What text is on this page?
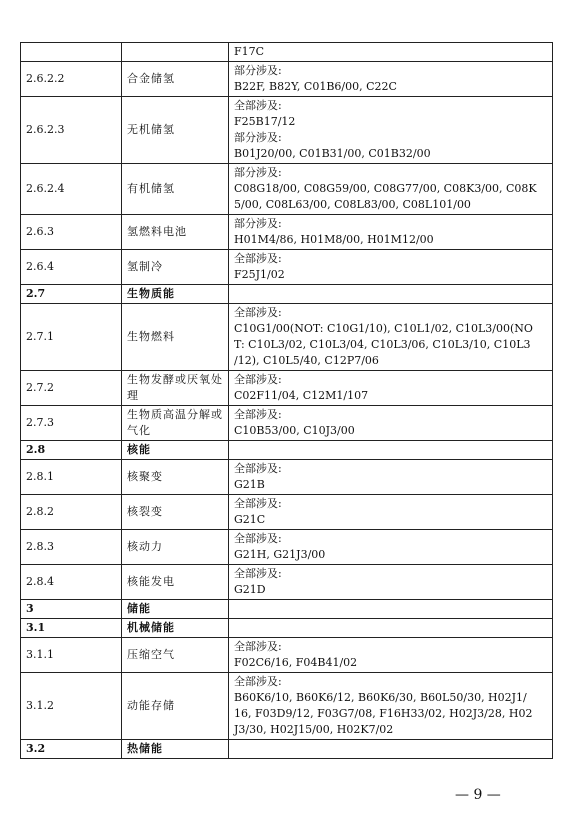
		F17C

2.6.2.2	合金储氢	部分涉及:
B22F, B82Y, C01B6/00, C22C

2.6.2.3	无机储氢	全部涉及:
F25B17/12
部分涉及:
B01J20/00, C01B31/00, C01B32/00

2.6.2.4	有机储氢	部分涉及:
C08G18/00, C08G59/00, C08G77/00, C08K3/00, C08K
5/00, C08L63/00, C08L83/00, C08L101/00

2.6.3	氢燃料电池	部分涉及:
H01M4/86, H01M8/00, H01M12/00

2.6.4	氢制冷	全部涉及:
F25J1/02

2.7	生物质能	
2.7.1	生物燃料	全部涉及:
C10G1/00(NOT: C10G1/10), C10L1/02, C10L3/00(NO
T: C10L3/02, C10L3/04, C10L3/06, C10L3/10, C10L3
/12), C10L5/40, C12P7/06

2.7.2	生物发酵或厌氧处理	全部涉及:
C02F11/04, C12M1/107

2.7.3	生物质高温分解或气化	全部涉及:
C10B53/00, C10J3/00

2.8	核能	
2.8.1	核聚变	全部涉及:
G21B

2.8.2	核裂变	全部涉及:
G21C

2.8.3	核动力	全部涉及:
G21H, G21J3/00

2.8.4	核能发电	全部涉及:
G21D

3	储能	
3.1	机械储能	
3.1.1	压缩空气	全部涉及:
F02C6/16, F04B41/02

3.1.2	动能存储	全部涉及:
B60K6/10, B60K6/12, B60K6/30, B60L50/30, H02J1/
16, F03D9/12, F03G7/08, F16H33/02, H02J3/28, H02
J3/30, H02J15/00, H02K7/02

3.2	热储能	
— 9 —
